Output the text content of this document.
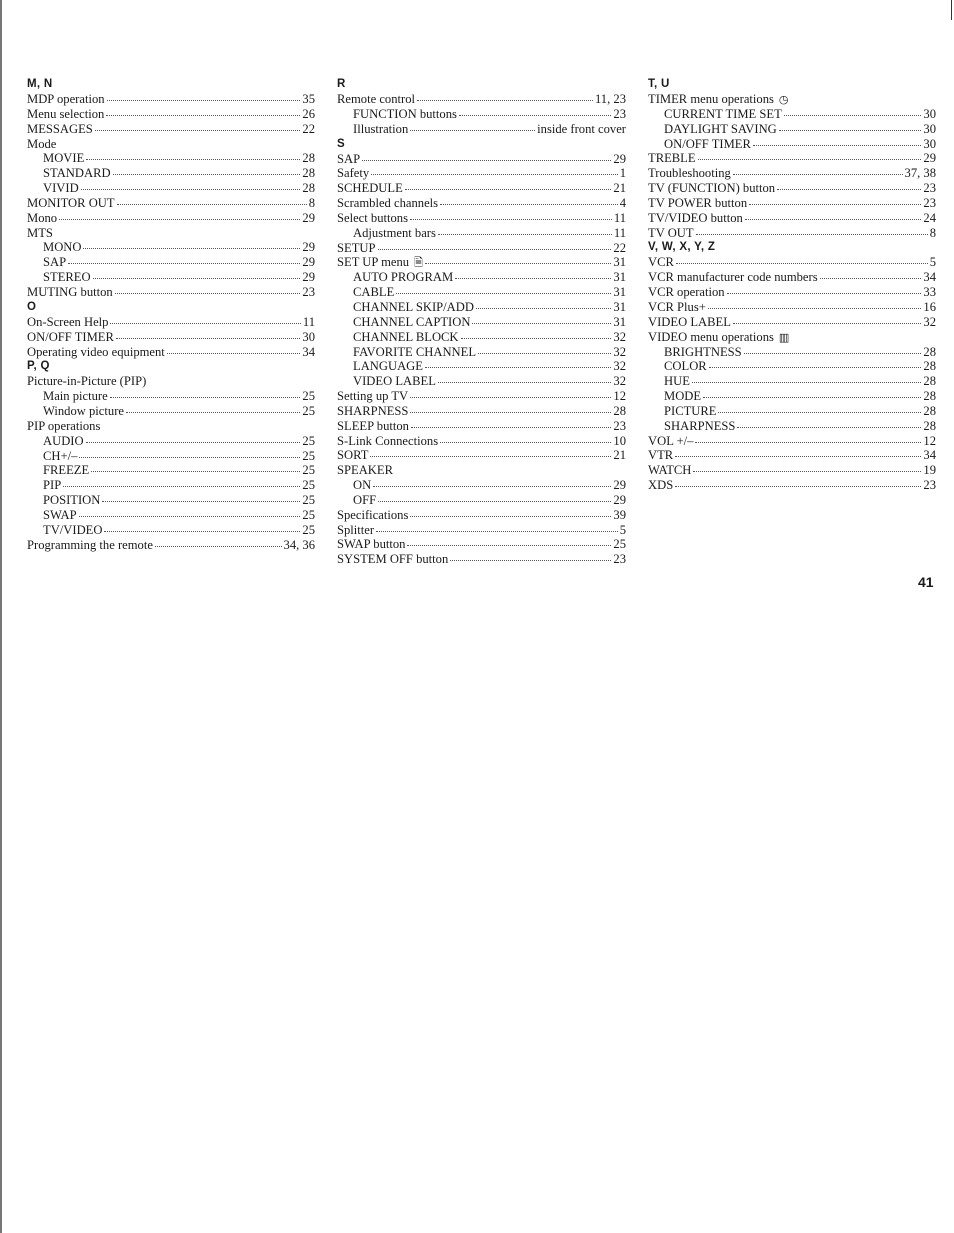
M, N
MDP operation	35
Menu selection	26
MESSAGES	22
Mode
MOVIE	28
STANDARD	28
VIVID	28
MONITOR OUT	8
Mono	29
MTS
MONO	29
SAP	29
STEREO	29
MUTING button	23
O
On-Screen Help	11
ON/OFF TIMER	30
Operating video equipment	34
P, Q
Picture-in-Picture (PIP)
Main picture	25
Window picture	25
PIP operations
AUDIO	25
CH+/–	25
FREEZE	25
PIP	25
POSITION	25
SWAP	25
TV/VIDEO	25
Programming the remote	34, 36
R
Remote control	11, 23
FUNCTION buttons	23
Illustration	inside front cover
S
SAP	29
Safety	1
SCHEDULE	21
Scrambled channels	4
Select buttons	11
Adjustment bars	11
SETUP	22
SET UP menu 🗎	31
AUTO PROGRAM	31
CABLE	31
CHANNEL SKIP/ADD	31
CHANNEL CAPTION	31
CHANNEL BLOCK	32
FAVORITE CHANNEL	32
LANGUAGE	32
VIDEO LABEL	32
Setting up TV	12
SHARPNESS	28
SLEEP button	23
S-Link Connections	10
SORT	21
SPEAKER
ON	29
OFF	29
Specifications	39
Splitter	5
SWAP button	25
SYSTEM OFF button	23
T, U
TIMER menu operations ◷
CURRENT TIME SET	30
DAYLIGHT SAVING	30
ON/OFF TIMER	30
TREBLE	29
Troubleshooting	37, 38
TV (FUNCTION) button	23
TV POWER button	23
TV/VIDEO button	24
TV OUT	8
V, W, X, Y, Z
VCR	5
VCR manufacturer code numbers	34
VCR operation	33
VCR Plus+	16
VIDEO LABEL	32
VIDEO menu operations ▥
BRIGHTNESS	28
COLOR	28
HUE	28
MODE	28
PICTURE	28
SHARPNESS	28
VOL +/–	12
VTR	34
WATCH	19
XDS	23
41
